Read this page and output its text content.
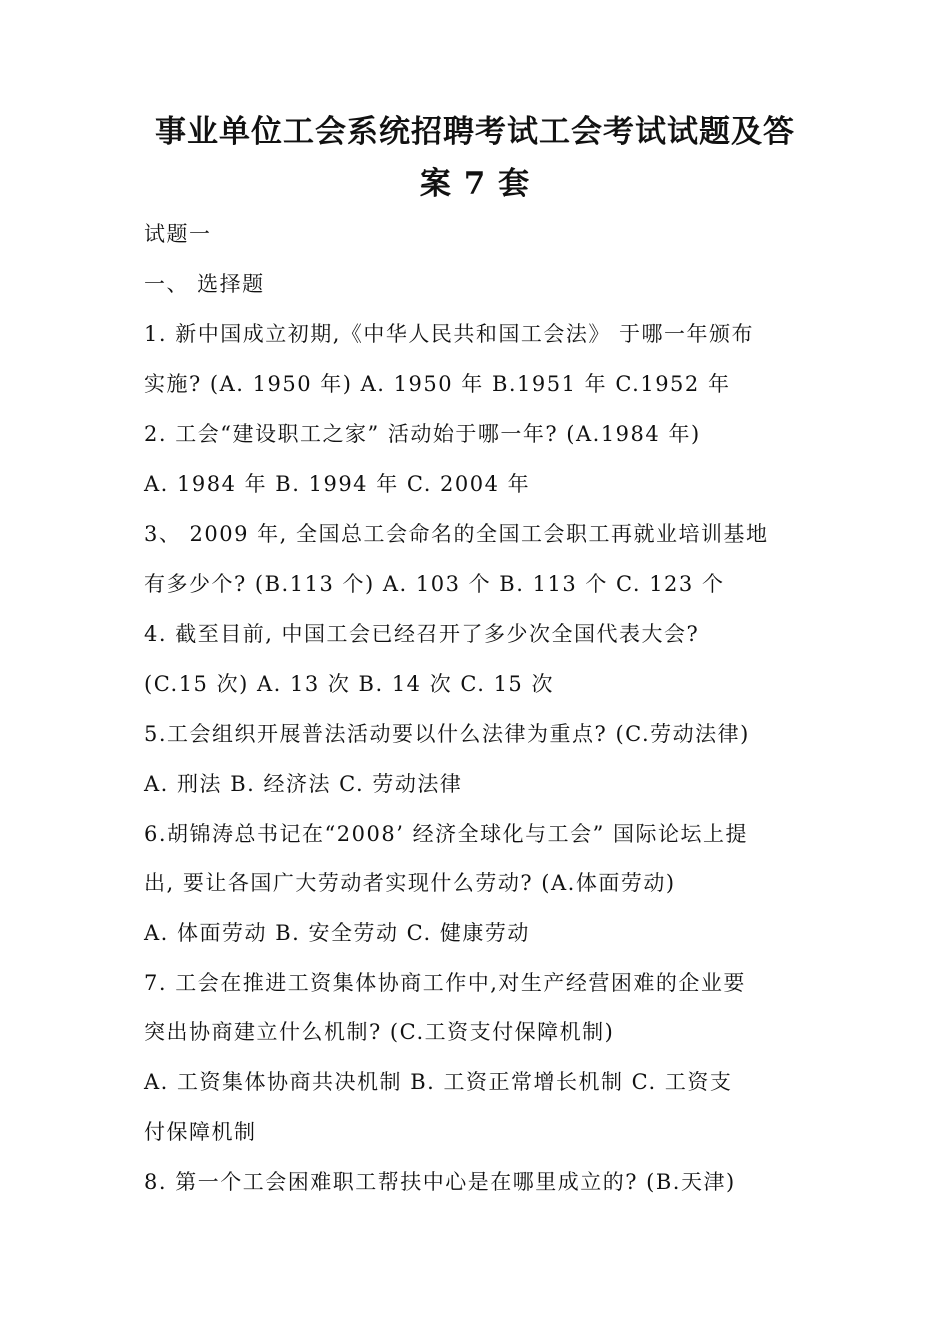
事业单位工会系统招聘考试工会考试试题及答
案 7 套
试题一
一、 选择题
1. 新中国成立初期,《中华人民共和国工会法》 于哪一年颁布
实施? (A. 1950 年) A. 1950 年 B.1951 年 C.1952 年
2. 工会“建设职工之家” 活动始于哪一年? (A.1984 年)
A. 1984 年 B. 1994 年 C. 2004 年
3、 2009 年, 全国总工会命名的全国工会职工再就业培训基地
有多少个? (B.113 个) A. 103 个 B. 113 个 C. 123 个
4. 截至目前, 中国工会已经召开了多少次全国代表大会?
(C.15 次) A. 13 次 B. 14 次 C. 15 次
5.工会组织开展普法活动要以什么法律为重点? (C.劳动法律)
A. 刑法 B. 经济法 C. 劳动法律
6.胡锦涛总书记在“2008’ 经济全球化与工会” 国际论坛上提
出, 要让各国广大劳动者实现什么劳动? (A.体面劳动)
A. 体面劳动 B. 安全劳动 C. 健康劳动
7. 工会在推进工资集体协商工作中,对生产经营困难的企业要
突出协商建立什么机制? (C.工资支付保障机制)
A. 工资集体协商共决机制 B. 工资正常增长机制 C. 工资支
付保障机制
8. 第一个工会困难职工帮扶中心是在哪里成立的? (B.天津)
